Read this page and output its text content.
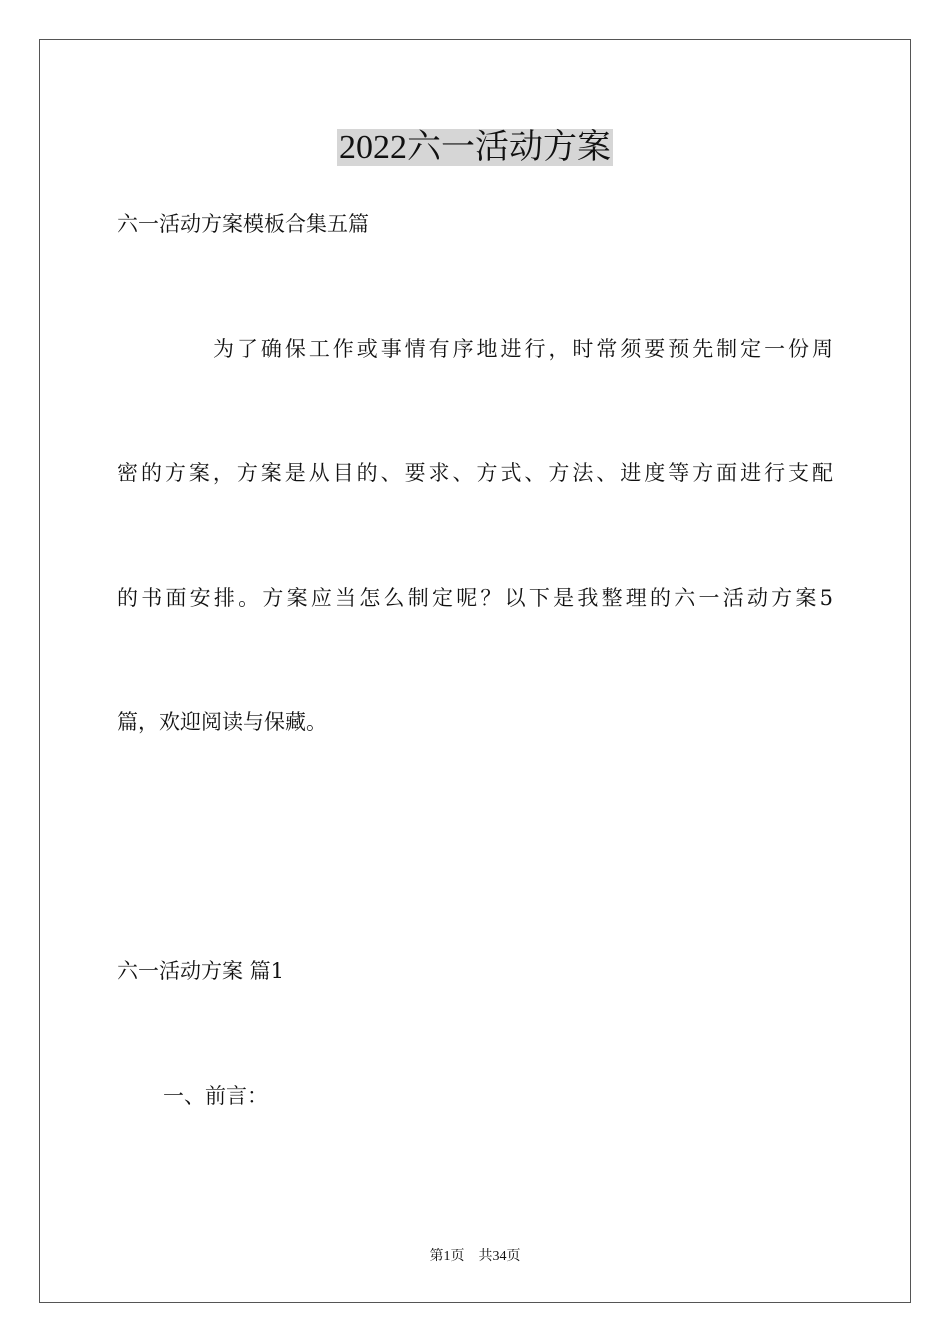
2022六一活动方案
六一活动方案模板合集五篇
为了确保工作或事情有序地进行，时常须要预先制定一份周
密的方案，方案是从目的、要求、方式、方法、进度等方面进行支配
的书面安排。方案应当怎么制定呢？以下是我整理的六一活动方案5
篇，欢迎阅读与保藏。
六一活动方案 篇1
一、前言：
第1页 共34页
